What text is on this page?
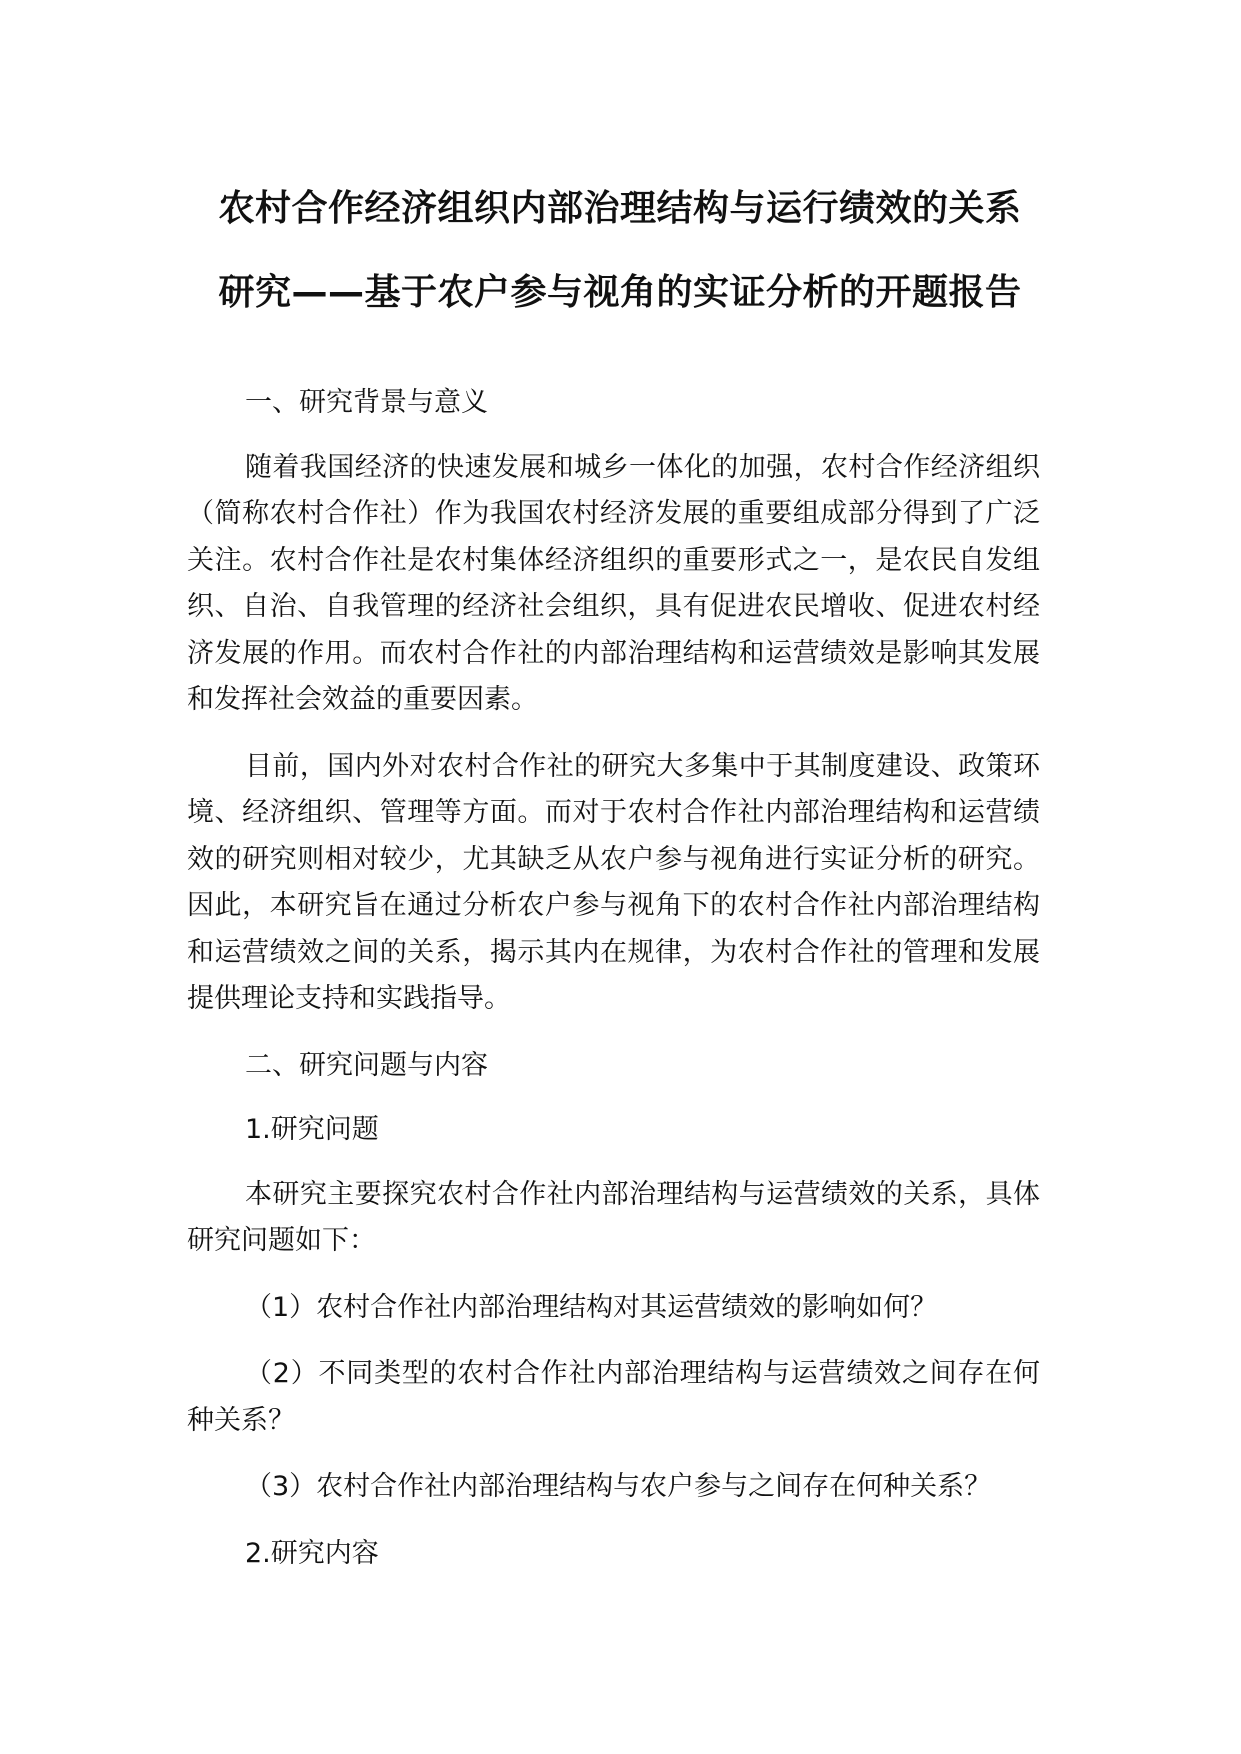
农村合作经济组织内部治理结构与运行绩效的关系
研究——基于农户参与视角的实证分析的开题报告

一、研究背景与意义

随着我国经济的快速发展和城乡一体化的加强，农村合作经济组织（简称农村合作社）作为我国农村经济发展的重要组成部分得到了广泛关注。农村合作社是农村集体经济组织的重要形式之一，是农民自发组织、自治、自我管理的经济社会组织，具有促进农民增收、促进农村经济发展的作用。而农村合作社的内部治理结构和运营绩效是影响其发展和发挥社会效益的重要因素。

目前，国内外对农村合作社的研究大多集中于其制度建设、政策环境、经济组织、管理等方面。而对于农村合作社内部治理结构和运营绩效的研究则相对较少，尤其缺乏从农户参与视角进行实证分析的研究。因此，本研究旨在通过分析农户参与视角下的农村合作社内部治理结构和运营绩效之间的关系，揭示其内在规律，为农村合作社的管理和发展提供理论支持和实践指导。

二、研究问题与内容

1.研究问题

本研究主要探究农村合作社内部治理结构与运营绩效的关系，具体研究问题如下：

（1）农村合作社内部治理结构对其运营绩效的影响如何？

（2）不同类型的农村合作社内部治理结构与运营绩效之间存在何种关系？

（3）农村合作社内部治理结构与农户参与之间存在何种关系？

2.研究内容
